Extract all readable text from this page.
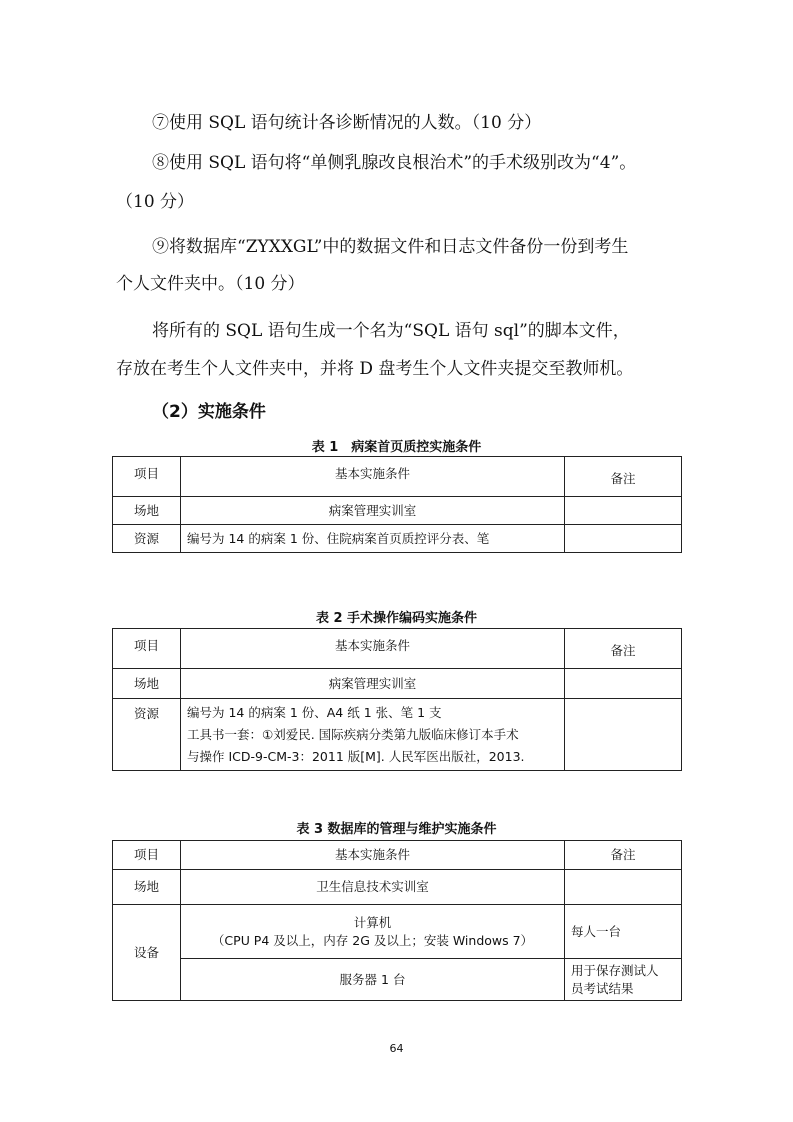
⑦使用 SQL 语句统计各诊断情况的人数。（10 分）

⑧使用 SQL 语句将“单侧乳腺改良根治术”的手术级别改为“4”。

（10 分）

⑨将数据库“ZYXXGL”中的数据文件和日志文件备份一份到考生

个人文件夹中。（10 分）

将所有的 SQL 语句生成一个名为“SQL 语句 sql”的脚本文件，

存放在考生个人文件夹中，并将 D 盘考生个人文件夹提交至教师机。

（2）实施条件

表 1　病案首页质控实施条件

项目	基本实施条件	备注
场地	病案管理实训室	
资源	编号为 14 的病案 1 份、住院病案首页质控评分表、笔	

表 2 手术操作编码实施条件

项目	基本实施条件	备注
场地	病案管理实训室	
资源	编号为 14 的病案 1 份、A4 纸 1 张、笔 1 支
工具书一套：①刘爱民. 国际疾病分类第九版临床修订本手术
与操作 ICD-9-CM-3：2011 版[M]. 人民军医出版社，2013.	

表 3 数据库的管理与维护实施条件

项目	基本实施条件	备注
场地	卫生信息技术实训室	
设备	计算机
（CPU P4 及以上，内存 2G 及以上；安装 Windows 7）	每人一台
	服务器 1 台	用于保存测试人
员考试结果
64
